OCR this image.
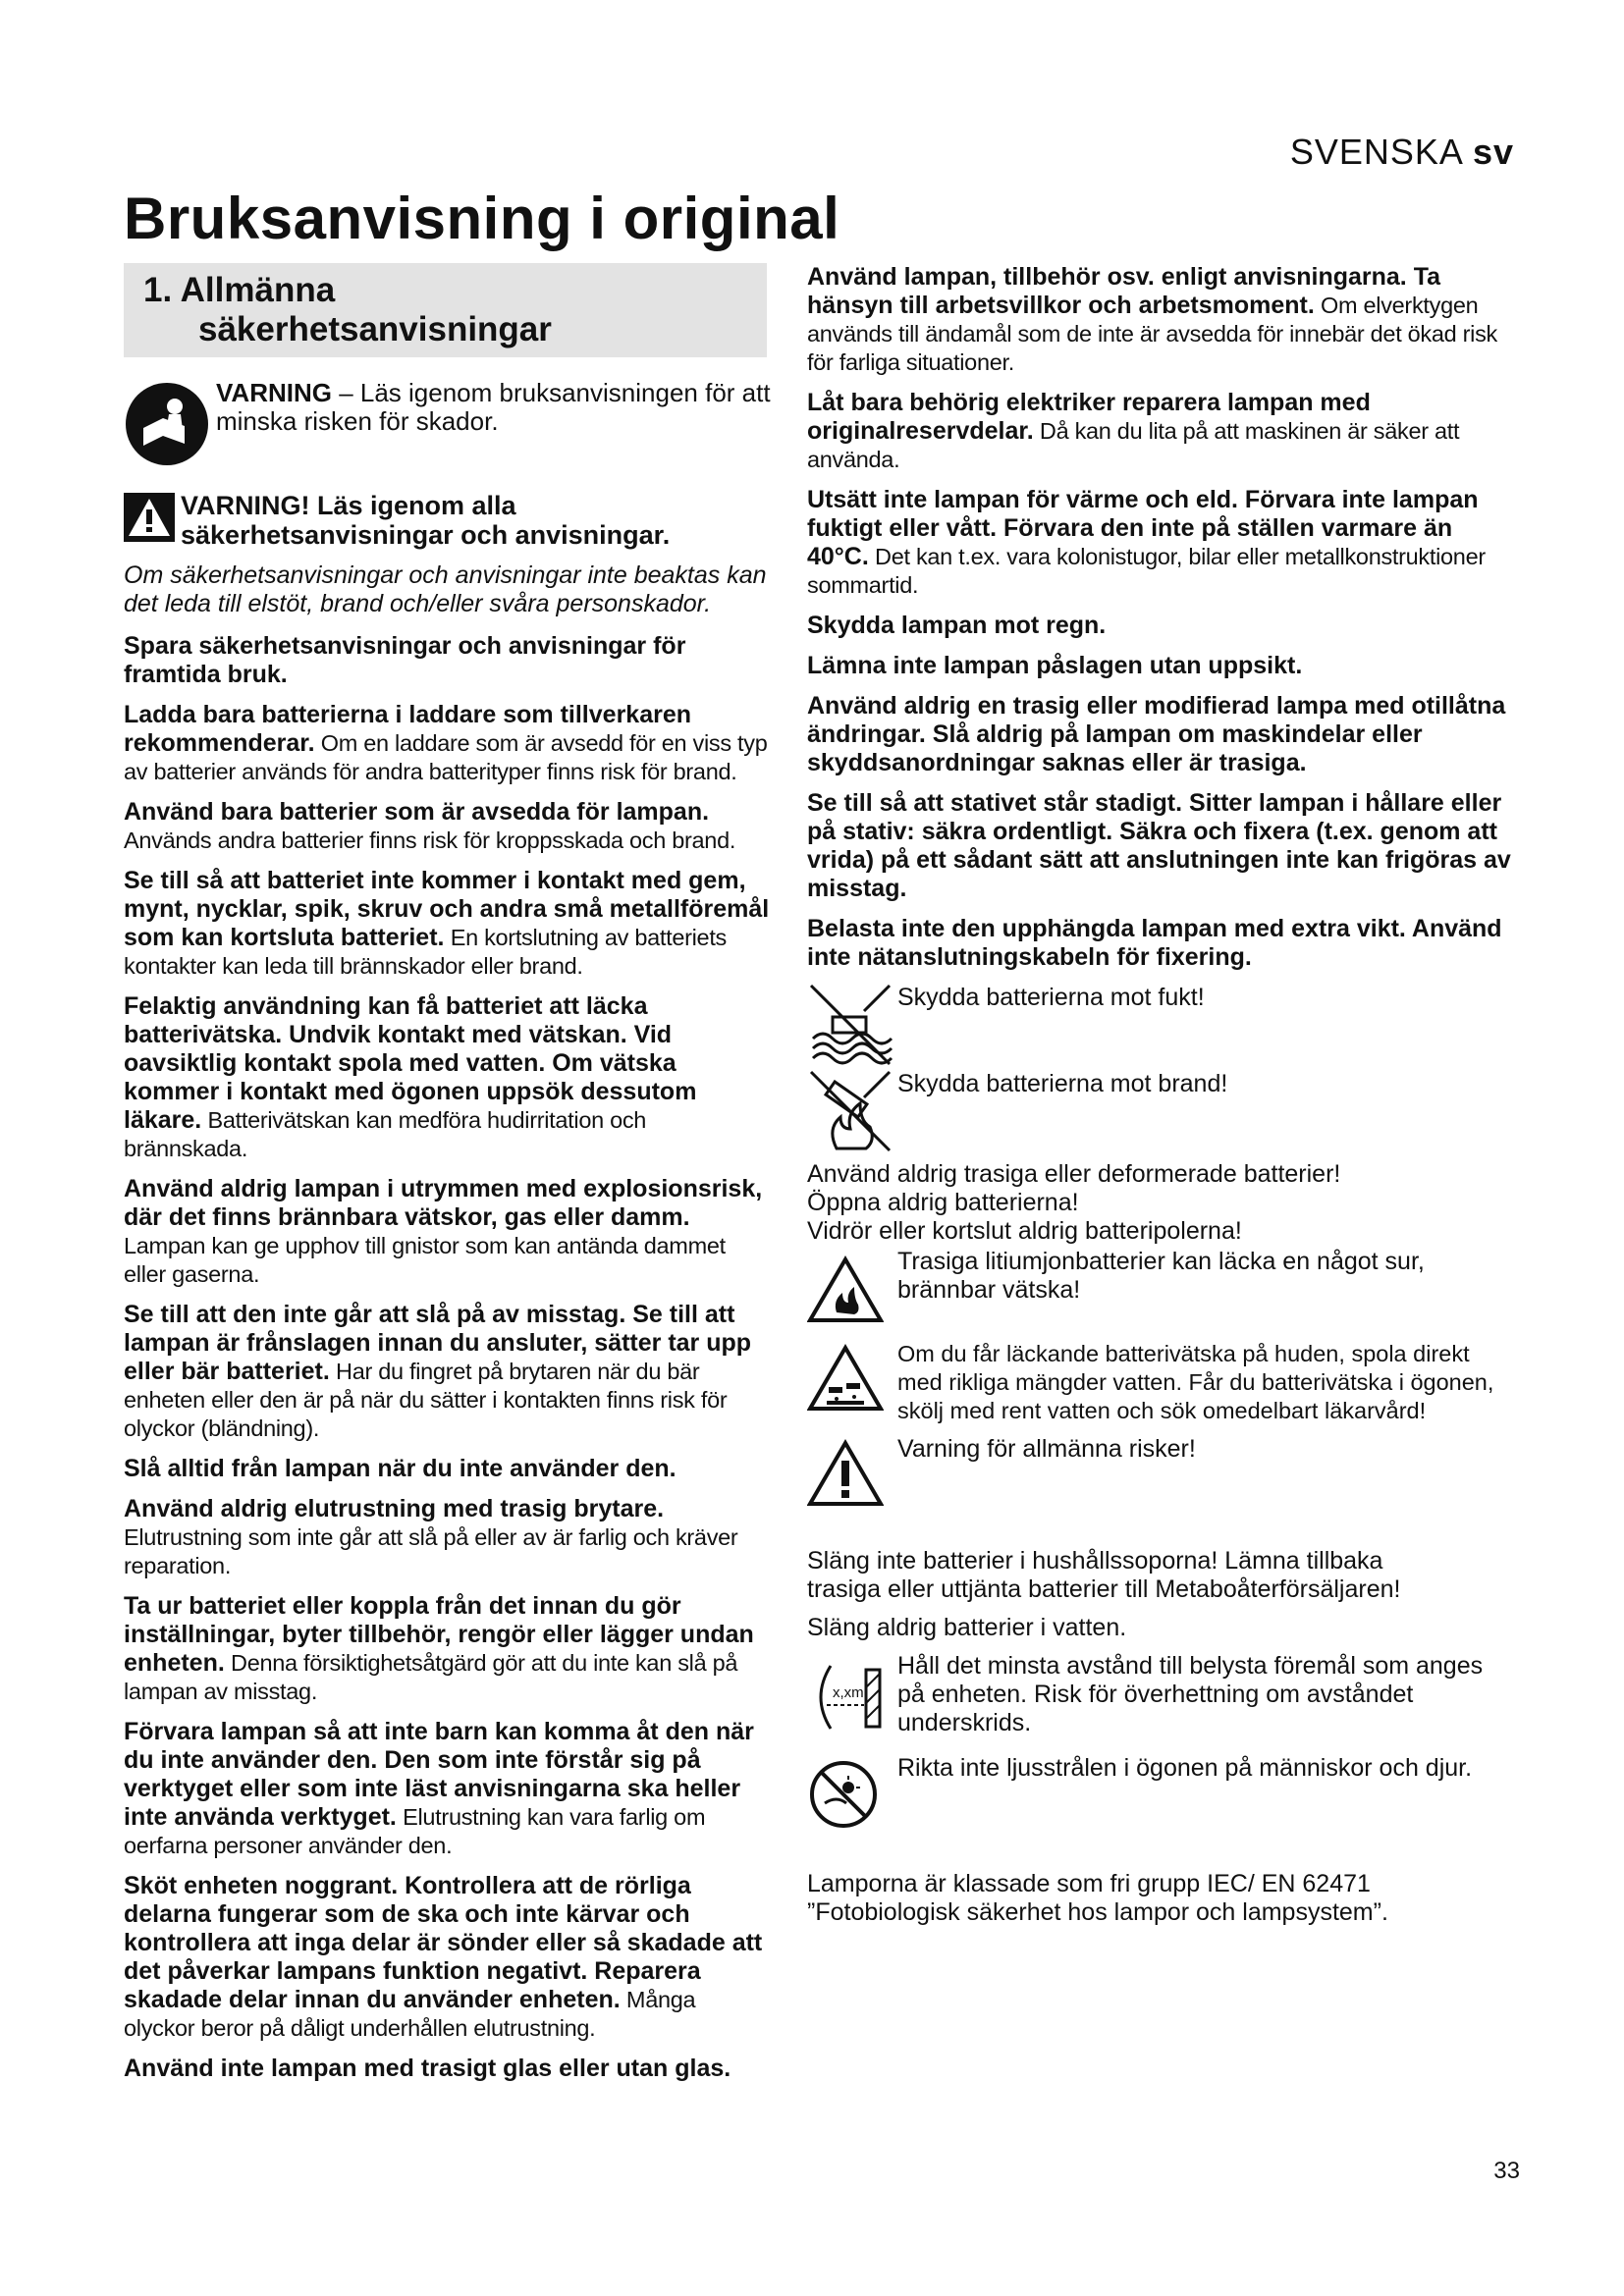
SVENSKA sv
Bruksanvisning i original
1. Allmänna
säkerhetsanvisningar
VARNING – Läs igenom bruksanvisningen för att minska risken för skador.
VARNING! Läs igenom alla
säkerhetsanvisningar och anvisningar.
Om säkerhetsanvisningar och anvisningar inte beaktas kan det leda till elstöt, brand och/eller svåra personskador.

Spara säkerhetsanvisningar och anvisningar för framtida bruk.

Ladda bara batterierna i laddare som tillverkaren rekommenderar. Om en laddare som är avsedd för en viss typ av batterier används för andra batterityper finns risk för brand.

Använd bara batterier som är avsedda för lampan. Används andra batterier finns risk för kroppsskada och brand.

Se till så att batteriet inte kommer i kontakt med gem, mynt, nycklar, spik, skruv och andra små metallföremål som kan kortsluta batteriet. En kortslutning av batteriets kontakter kan leda till brännskador eller brand.

Felaktig användning kan få batteriet att läcka batterivätska. Undvik kontakt med vätskan. Vid oavsiktlig kontakt spola med vatten. Om vätska kommer i kontakt med ögonen uppsök dessutom läkare. Batterivätskan kan medföra hudirritation och brännskada.

Använd aldrig lampan i utrymmen med explosionsrisk, där det finns brännbara vätskor, gas eller damm. Lampan kan ge upphov till gnistor som kan antända dammet eller gaserna.

Se till att den inte går att slå på av misstag. Se till att lampan är frånslagen innan du ansluter, sätter tar upp eller bär batteriet. Har du fingret på brytaren när du bär enheten eller den är på när du sätter i kontakten finns risk för olyckor (bländning).

Slå alltid från lampan när du inte använder den.

Använd aldrig elutrustning med trasig brytare. Elutrustning som inte går att slå på eller av är farlig och kräver reparation.

Ta ur batteriet eller koppla från det innan du gör inställningar, byter tillbehör, rengör eller lägger undan enheten. Denna försiktighetsåtgärd gör att du inte kan slå på lampan av misstag.

Förvara lampan så att inte barn kan komma åt den när du inte använder den. Den som inte förstår sig på verktyget eller som inte läst anvisningarna ska heller inte använda verktyget. Elutrustning kan vara farlig om oerfarna personer använder den.

Sköt enheten noggrant. Kontrollera att de rörliga delarna fungerar som de ska och inte kärvar och kontrollera att inga delar är sönder eller så skadade att det påverkar lampans funktion negativt. Reparera skadade delar innan du använder enheten. Många olyckor beror på dåligt underhållen elutrustning.

Använd inte lampan med trasigt glas eller utan glas.

Använd lampan, tillbehör osv. enligt anvisningarna. Ta hänsyn till arbetsvillkor och arbetsmoment. Om elverktygen används till ändamål som de inte är avsedda för innebär det ökad risk för farliga situationer.

Låt bara behörig elektriker reparera lampan med originalreservdelar. Då kan du lita på att maskinen är säker att använda.

Utsätt inte lampan för värme och eld. Förvara inte lampan fuktigt eller vått. Förvara den inte på ställen varmare än 40°C. Det kan t.ex. vara kolonistugor, bilar eller metallkonstruktioner sommartid.

Skydda lampan mot regn.

Lämna inte lampan påslagen utan uppsikt.

Använd aldrig en trasig eller modifierad lampa med otillåtna ändringar. Slå aldrig på lampan om maskindelar eller skyddsanordningar saknas eller är trasiga.

Se till så att stativet står stadigt. Sitter lampan i hållare eller på stativ: säkra ordentligt. Säkra och fixera (t.ex. genom att vrida) på ett sådant sätt att anslutningen inte kan frigöras av misstag.

Belasta inte den upphängda lampan med extra vikt. Använd inte nätanslutningskabeln för fixering.

Skydda batterierna mot fukt!
Skydda batterierna mot brand!
Använd aldrig trasiga eller deformerade batterier!
Öppna aldrig batterierna!
Vidrör eller kortslut aldrig batteripolerna!
Trasiga litiumjonbatterier kan läcka en något sur, brännbar vätska!
Om du får läckande batterivätska på huden, spola direkt med rikliga mängder vatten. Får du batterivätska i ögonen, skölj med rent vatten och sök omedelbart läkarvård!
Varning för allmänna risker!
Släng inte batterier i hushållssoporna! Lämna tillbaka trasiga eller uttjänta batterier till Metaboåterförsäljaren!
Släng aldrig batterier i vatten.
x,xm
Håll det minsta avstånd till belysta föremål som anges på enheten. Risk för överhettning om avståndet underskrids.
Rikta inte ljusstrålen i ögonen på människor och djur.
Lamporna är klassade som fri grupp IEC/ EN 62471 ”Fotobiologisk säkerhet hos lampor och lampsystem”.
33
